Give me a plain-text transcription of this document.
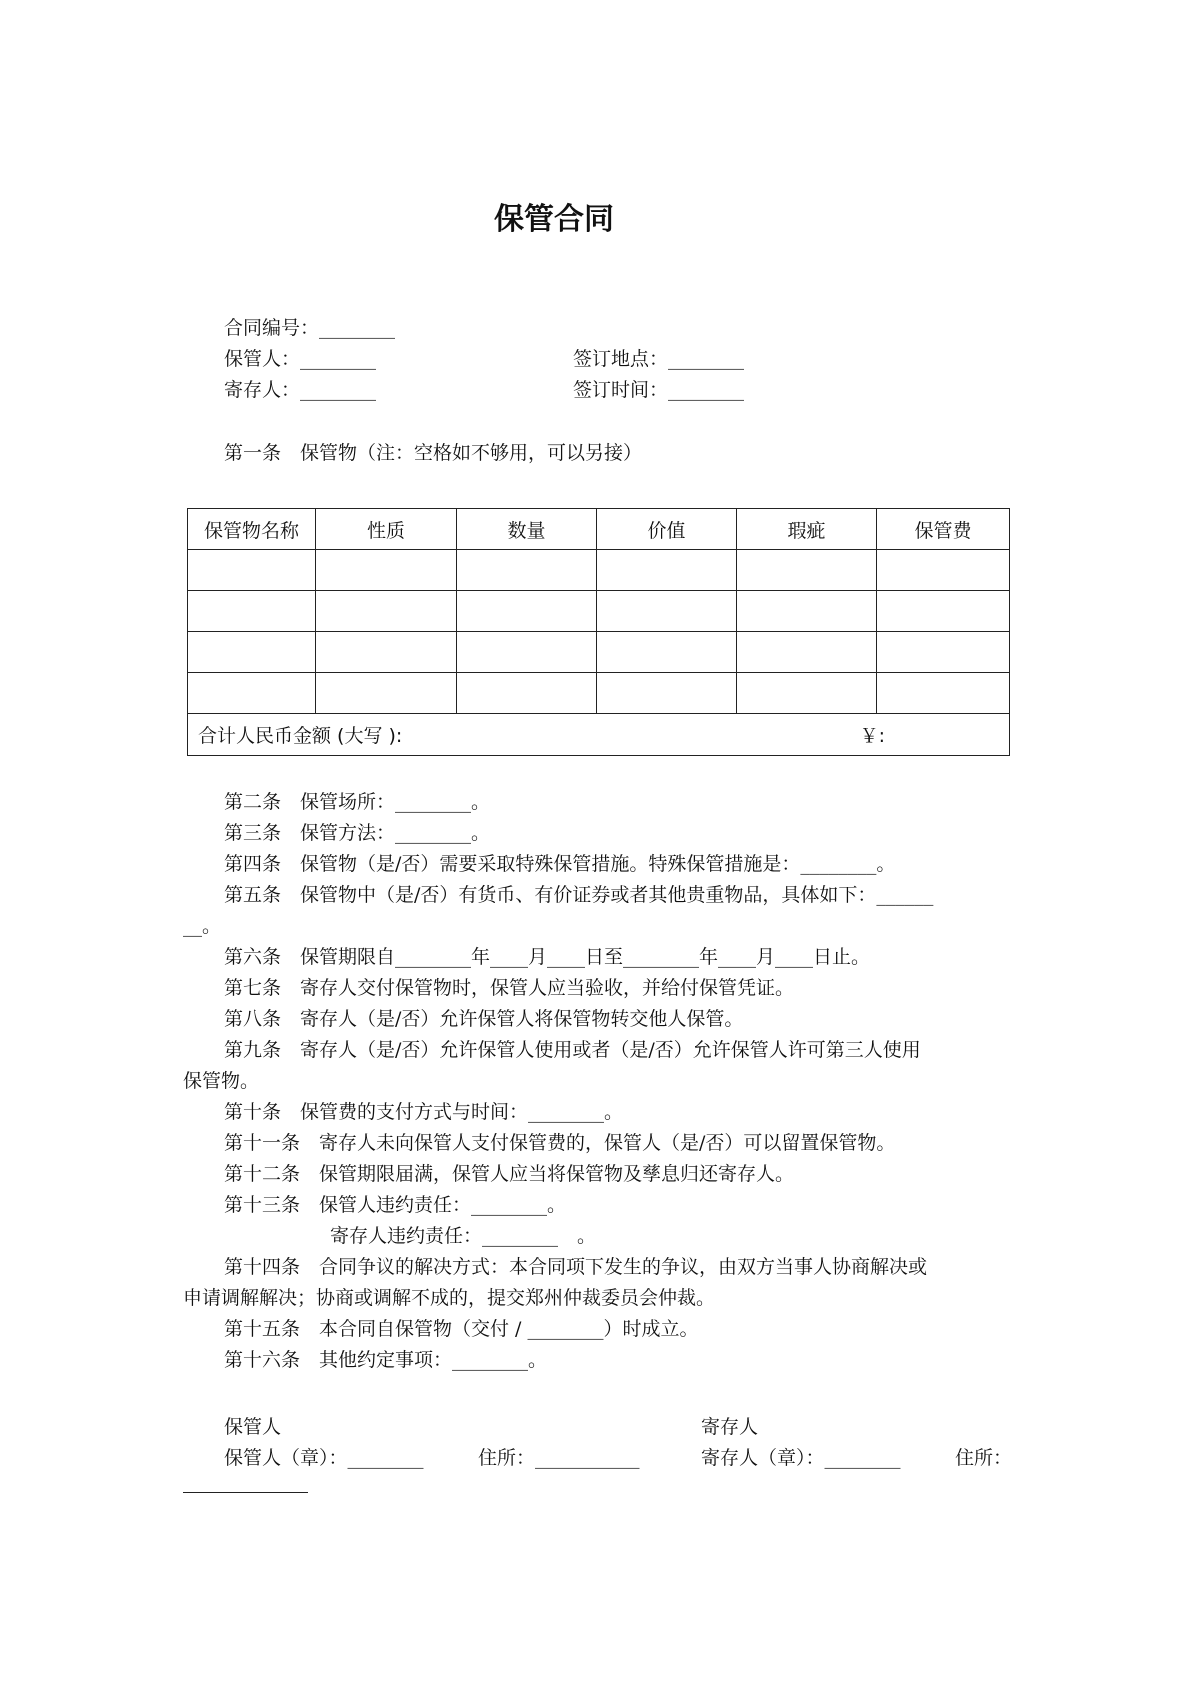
保管合同
合同编号：________
保管人：________	签订地点：________
寄存人：________	签订时间：________
第一条　保管物（注：空格如不够用，可以另接）
保管物名称	性质	数量	价值	瑕疵	保管费

合计人民币金额 (大写 ): ￥:					
第二条　保管场所：________。
第三条　保管方法：________。
第四条　保管物（是/否）需要采取特殊保管措施。特殊保管措施是：________。
第五条　保管物中（是/否）有货币、有价证券或者其他贵重物品，具体如下：______
__。
第六条　保管期限自________年____月____日至________年____月____日止。
第七条　寄存人交付保管物时，保管人应当验收，并给付保管凭证。
第八条　寄存人（是/否）允许保管人将保管物转交他人保管。
第九条　寄存人（是/否）允许保管人使用或者（是/否）允许保管人许可第三人使用
保管物。
第十条　保管费的支付方式与时间：________。
第十一条　寄存人未向保管人支付保管费的，保管人（是/否）可以留置保管物。
第十二条　保管期限届满，保管人应当将保管物及孳息归还寄存人。
第十三条　保管人违约责任：________。
寄存人违约责任：________　。
第十四条　合同争议的解决方式：本合同项下发生的争议，由双方当事人协商解决或
申请调解解决；协商或调解不成的，提交郑州仲裁委员会仲裁。
第十五条　本合同自保管物（交付 / ________）时成立。
第十六条　其他约定事项：________。
保管人	寄存人
保管人（章）：________	住所：___________	寄存人（章）：________	住所：
